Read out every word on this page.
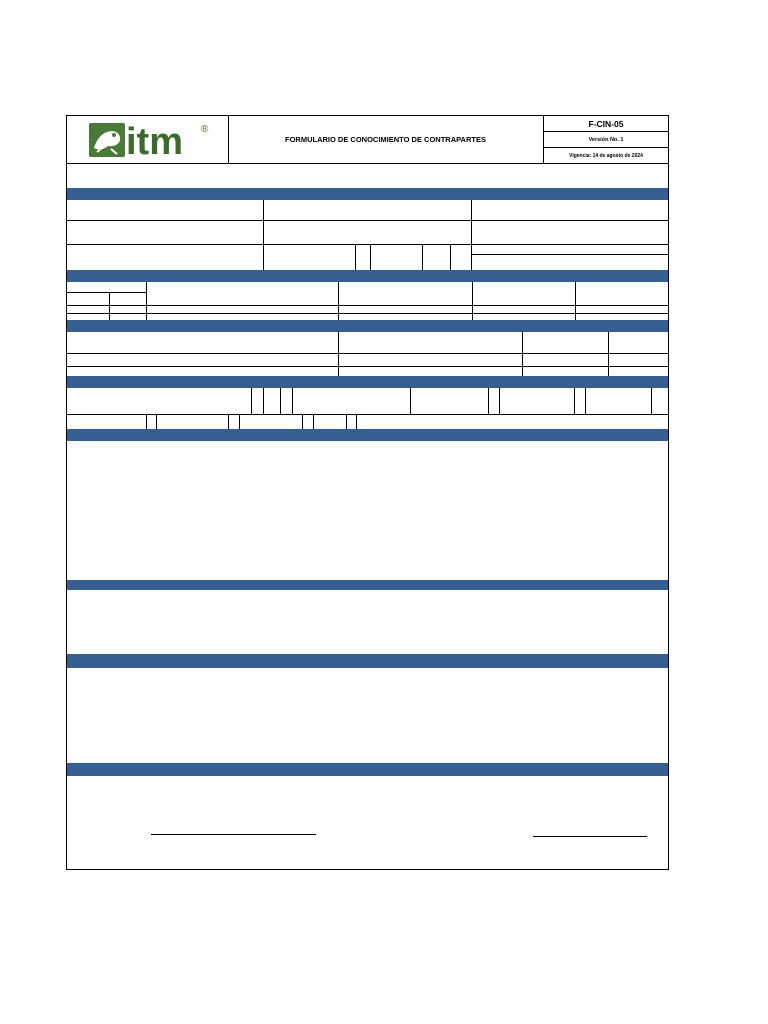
itm ®
FORMULARIO DE CONOCIMIENTO DE CONTRAPARTES
F-CIN-05
Versión No. 1
Vigencia: 14 de agosto de 2024
